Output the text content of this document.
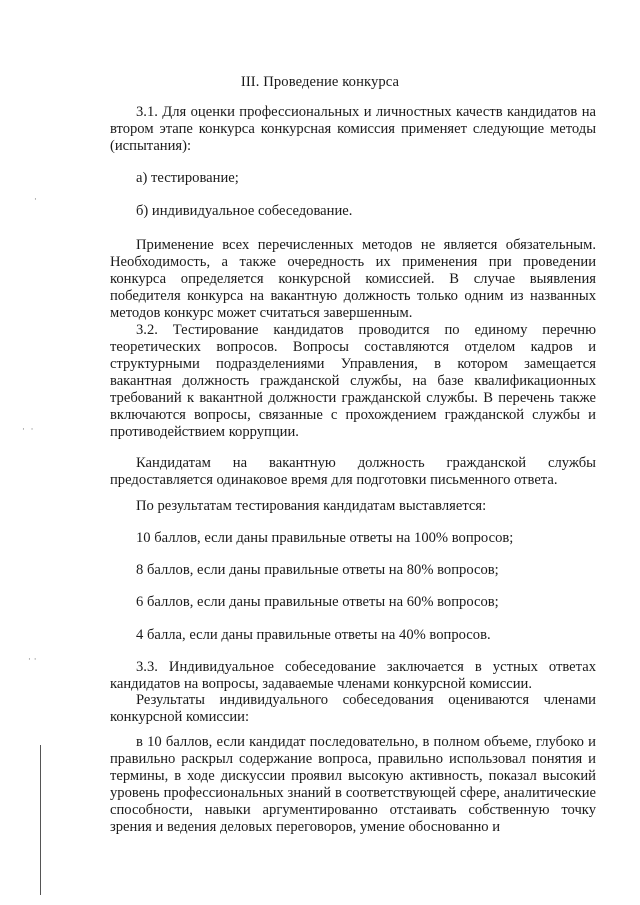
III. Проведение конкурса

3.1. Для оценки профессиональных и личностных качеств кандидатов на втором этапе конкурса конкурсная комиссия применяет следующие методы (испытания):

а) тестирование;

б) индивидуальное собеседование.

Применение всех перечисленных методов не является обязательным. Необходимость, а также очередность их применения при проведении конкурса определяется конкурсной комиссией. В случае выявления победителя конкурса на вакантную должность только одним из названных методов конкурс может считаться завершенным.

3.2. Тестирование кандидатов проводится по единому перечню теоретических вопросов. Вопросы составляются отделом кадров и структурными подразделениями Управления, в котором замещается вакантная должность гражданской службы, на базе квалификационных требований к вакантной должности гражданской службы. В перечень также включаются вопросы, связанные с прохождением гражданской службы и противодействием коррупции.

Кандидатам на вакантную должность гражданской службы предоставляется одинаковое время для подготовки письменного ответа.

По результатам тестирования кандидатам выставляется:

10 баллов, если даны правильные ответы на 100% вопросов;

8 баллов, если даны правильные ответы на 80% вопросов;

6 баллов, если даны правильные ответы на 60% вопросов;

4 балла, если даны правильные ответы на 40% вопросов.

3.3. Индивидуальное собеседование заключается в устных ответах кандидатов на вопросы, задаваемые членами конкурсной комиссии.

Результаты индивидуального собеседования оцениваются членами конкурсной комиссии:

в 10 баллов, если кандидат последовательно, в полном объеме, глубоко и правильно раскрыл содержание вопроса, правильно использовал понятия и термины, в ходе дискуссии проявил высокую активность, показал высокий уровень профессиональных знаний в соответствующей сфере, аналитические способности, навыки аргументированно отстаивать собственную точку зрения и ведения деловых переговоров, умение обоснованно и

·
·  ·
· ·
